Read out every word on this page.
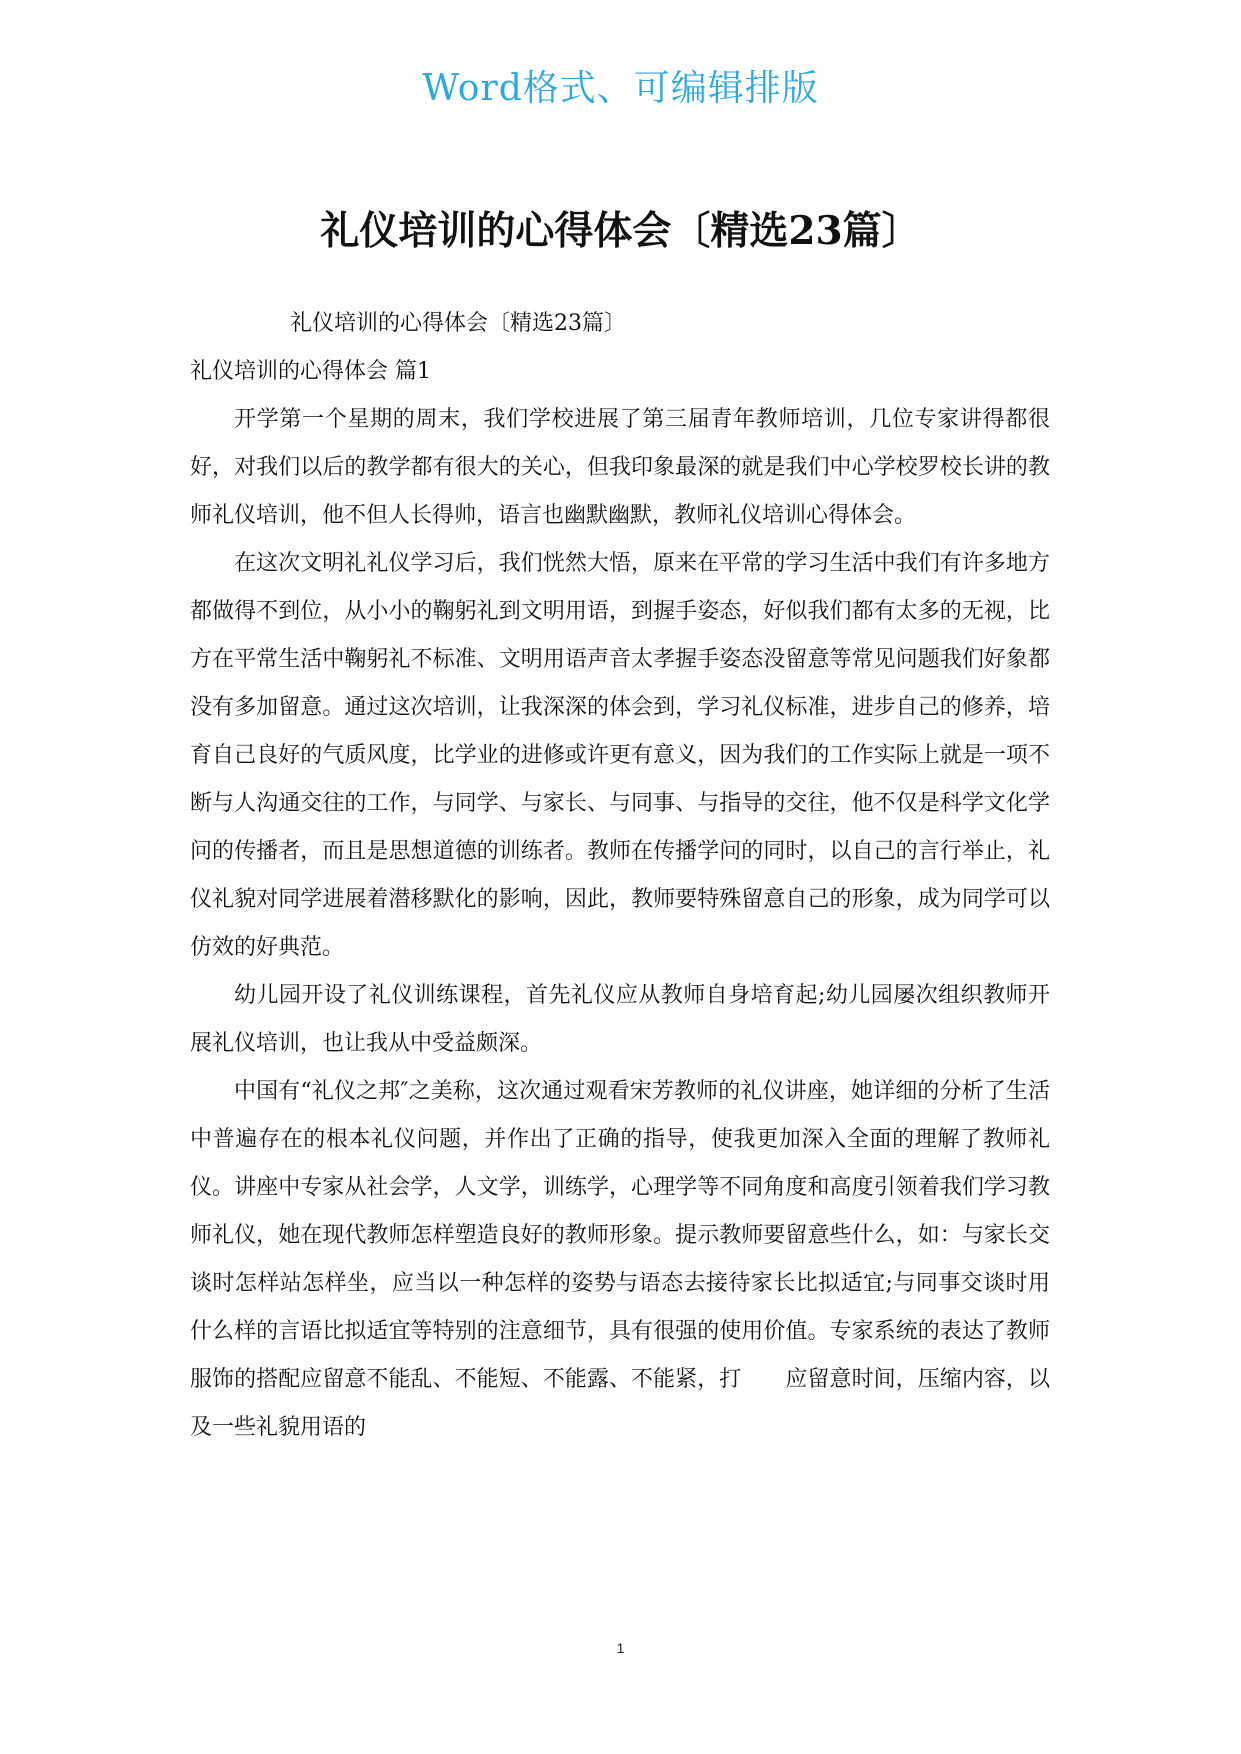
Word格式、可编辑排版
礼仪培训的心得体会〔精选23篇〕

礼仪培训的心得体会〔精选23篇〕

礼仪培训的心得体会 篇1

开学第一个星期的周末，我们学校进展了第三届青年教师培训，几位专家讲得都很好，对我们以后的教学都有很大的关心，但我印象最深的就是我们中心学校罗校长讲的教师礼仪培训，他不但人长得帅，语言也幽默幽默，教师礼仪培训心得体会。

在这次文明礼礼仪学习后，我们恍然大悟，原来在平常的学习生活中我们有许多地方都做得不到位，从小小的鞠躬礼到文明用语，到握手姿态，好似我们都有太多的无视，比方在平常生活中鞠躬礼不标准、文明用语声音太孝握手姿态没留意等常见问题我们好象都没有多加留意。通过这次培训，让我深深的体会到，学习礼仪标准，进步自己的修养，培育自己良好的气质风度，比学业的进修或许更有意义，因为我们的工作实际上就是一项不断与人沟通交往的工作，与同学、与家长、与同事、与指导的交往，他不仅是科学文化学问的传播者，而且是思想道德的训练者。教师在传播学问的同时，以自己的言行举止，礼仪礼貌对同学进展着潜移默化的影响，因此，教师要特殊留意自己的形象，成为同学可以仿效的好典范。

幼儿园开设了礼仪训练课程，首先礼仪应从教师自身培育起;幼儿园屡次组织教师开展礼仪培训，也让我从中受益颇深。

中国有“礼仪之邦″之美称，这次通过观看宋芳教师的礼仪讲座，她详细的分析了生活中普遍存在的根本礼仪问题，并作出了正确的指导，使我更加深入全面的理解了教师礼仪。讲座中专家从社会学，人文学，训练学，心理学等不同角度和高度引领着我们学习教师礼仪，她在现代教师怎样塑造良好的教师形象。提示教师要留意些什么，如：与家长交谈时怎样站怎样坐，应当以一种怎样的姿势与语态去接待家长比拟适宜;与同事交谈时用什么样的言语比拟适宜等特别的注意细节，具有很强的使用价值。专家系统的表达了教师服饰的搭配应留意不能乱、不能短、不能露、不能紧，打　　应留意时间，压缩内容，以及一些礼貌用语的

1
